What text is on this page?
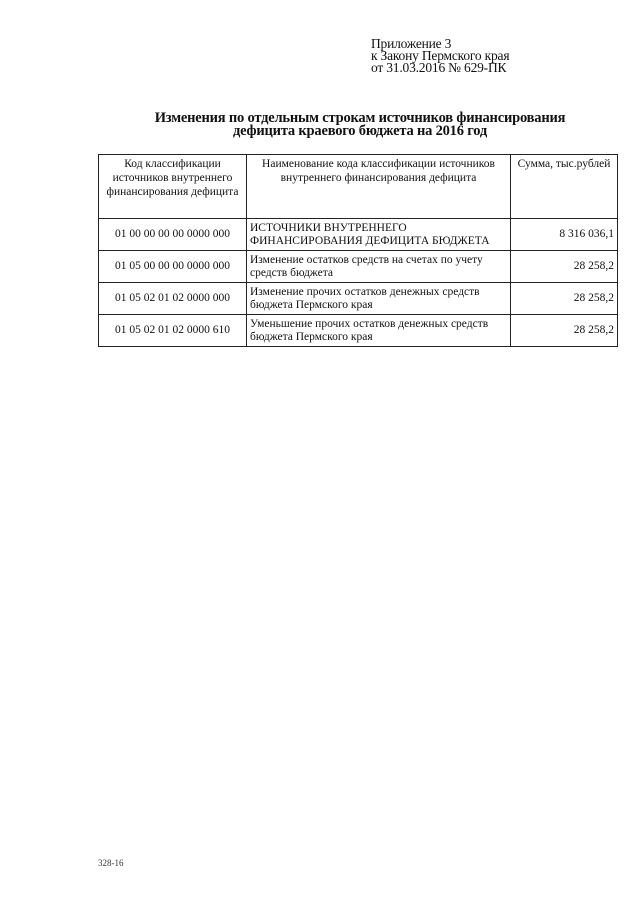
Приложение 3
к Закону Пермского края
от 31.03.2016 № 629-ПК
Изменения по отдельным строкам источников финансирования
дефицита краевого бюджета на 2016 год
Код классификации источников внутреннего финансирования дефицита	Наименование кода классификации источников внутреннего финансирования дефицита	Сумма, тыс.рублей
01 00 00 00 00 0000 000	ИСТОЧНИКИ ВНУТРЕННЕГО ФИНАНСИРОВАНИЯ ДЕФИЦИТА БЮДЖЕТА	8 316 036,1
01 05 00 00 00 0000 000	Изменение остатков средств на счетах по учету средств бюджета	28 258,2
01 05 02 01 02 0000 000	Изменение прочих остатков денежных средств бюджета Пермского края	28 258,2
01 05 02 01 02 0000 610	Уменьшение прочих остатков денежных средств бюджета Пермского края	28 258,2
328-16
